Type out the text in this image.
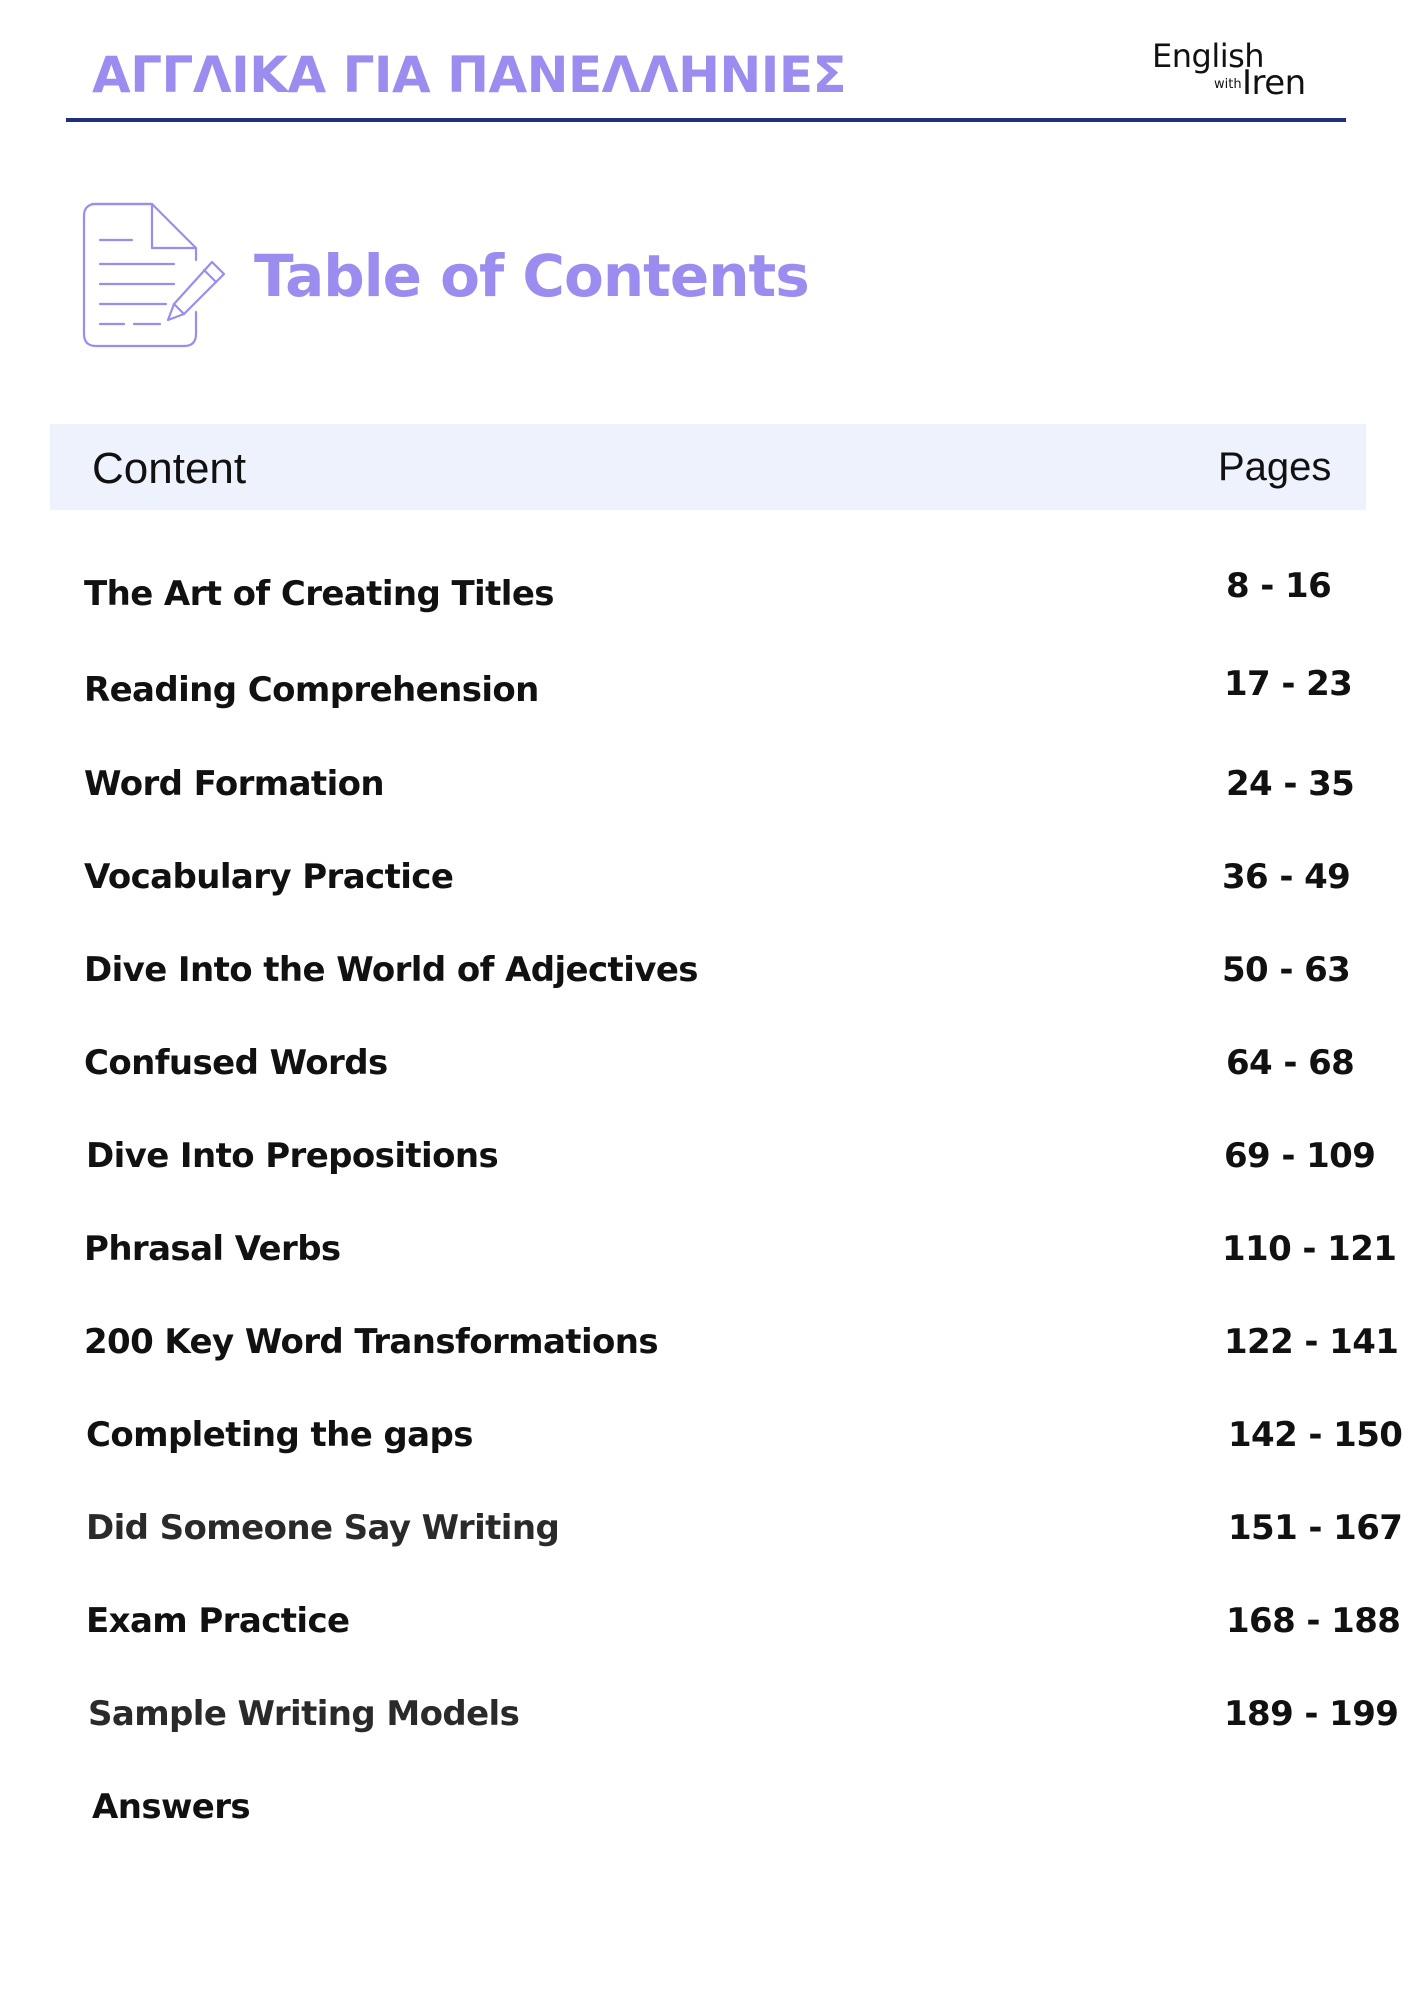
ΑΓΓΛΙΚΑ ΓΙΑ ΠΑΝΕΛΛΗΝΙΕΣ	English
with Iren
Table of Contents
Content	Pages
The Art of Creating Titles	8 - 16
Reading Comprehension	17 - 23
Word Formation	24 - 35
Vocabulary Practice	36 - 49
Dive Into the World of Adjectives	50 - 63
Confused Words	64 - 68
Dive Into Prepositions	69 - 109
Phrasal Verbs	110 - 121
200 Key Word Transformations	122 - 141
Completing the gaps	142 - 150
Did Someone Say Writing	151 - 167
Exam Practice	168 - 188
Sample Writing Models	189 - 199
Answers
